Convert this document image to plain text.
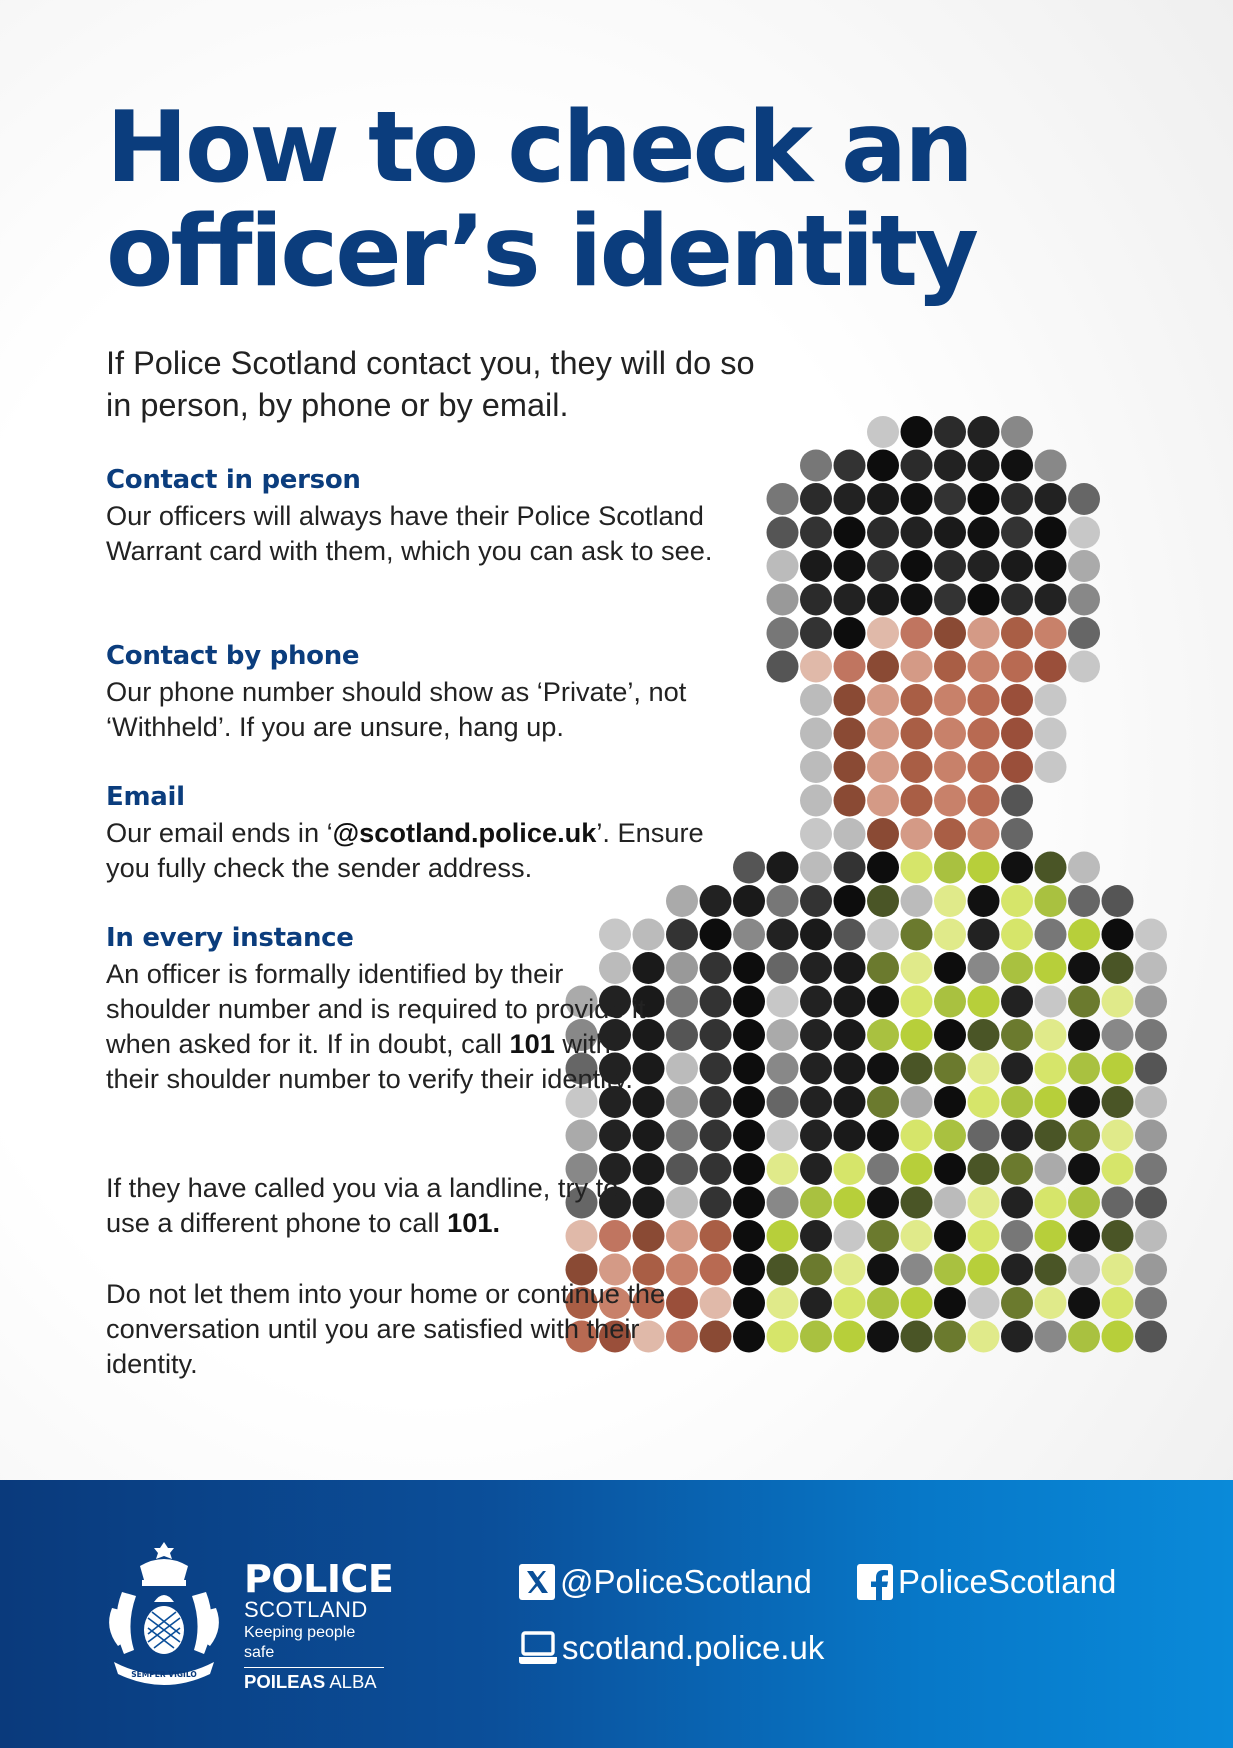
How to check an
officer’s identity

If Police Scotland contact you, they will do so in person, by phone or by email.

Contact in person

Our officers will always have their Police Scotland Warrant card with them, which you can ask to see.

Contact by phone

Our phone number should show as ‘Private’, not ‘Withheld’. If you are unsure, hang up.

Email

Our email ends in ‘@scotland.police.uk’. Ensure you fully check the sender address.

In every instance

An officer is formally identified by their shoulder number and is required to provide it when asked for it. If in doubt, call 101 with their shoulder number to verify their identity.

If they have called you via a landline, try to use a different phone to call 101.

Do not let them into your home or continue the conversation until you are satisfied with their identity.

SEMPER VIGILO
POLICE
SCOTLAND
Keeping people safe
POILEAS ALBA
@PoliceScotland	PoliceScotland
scotland.police.uk
